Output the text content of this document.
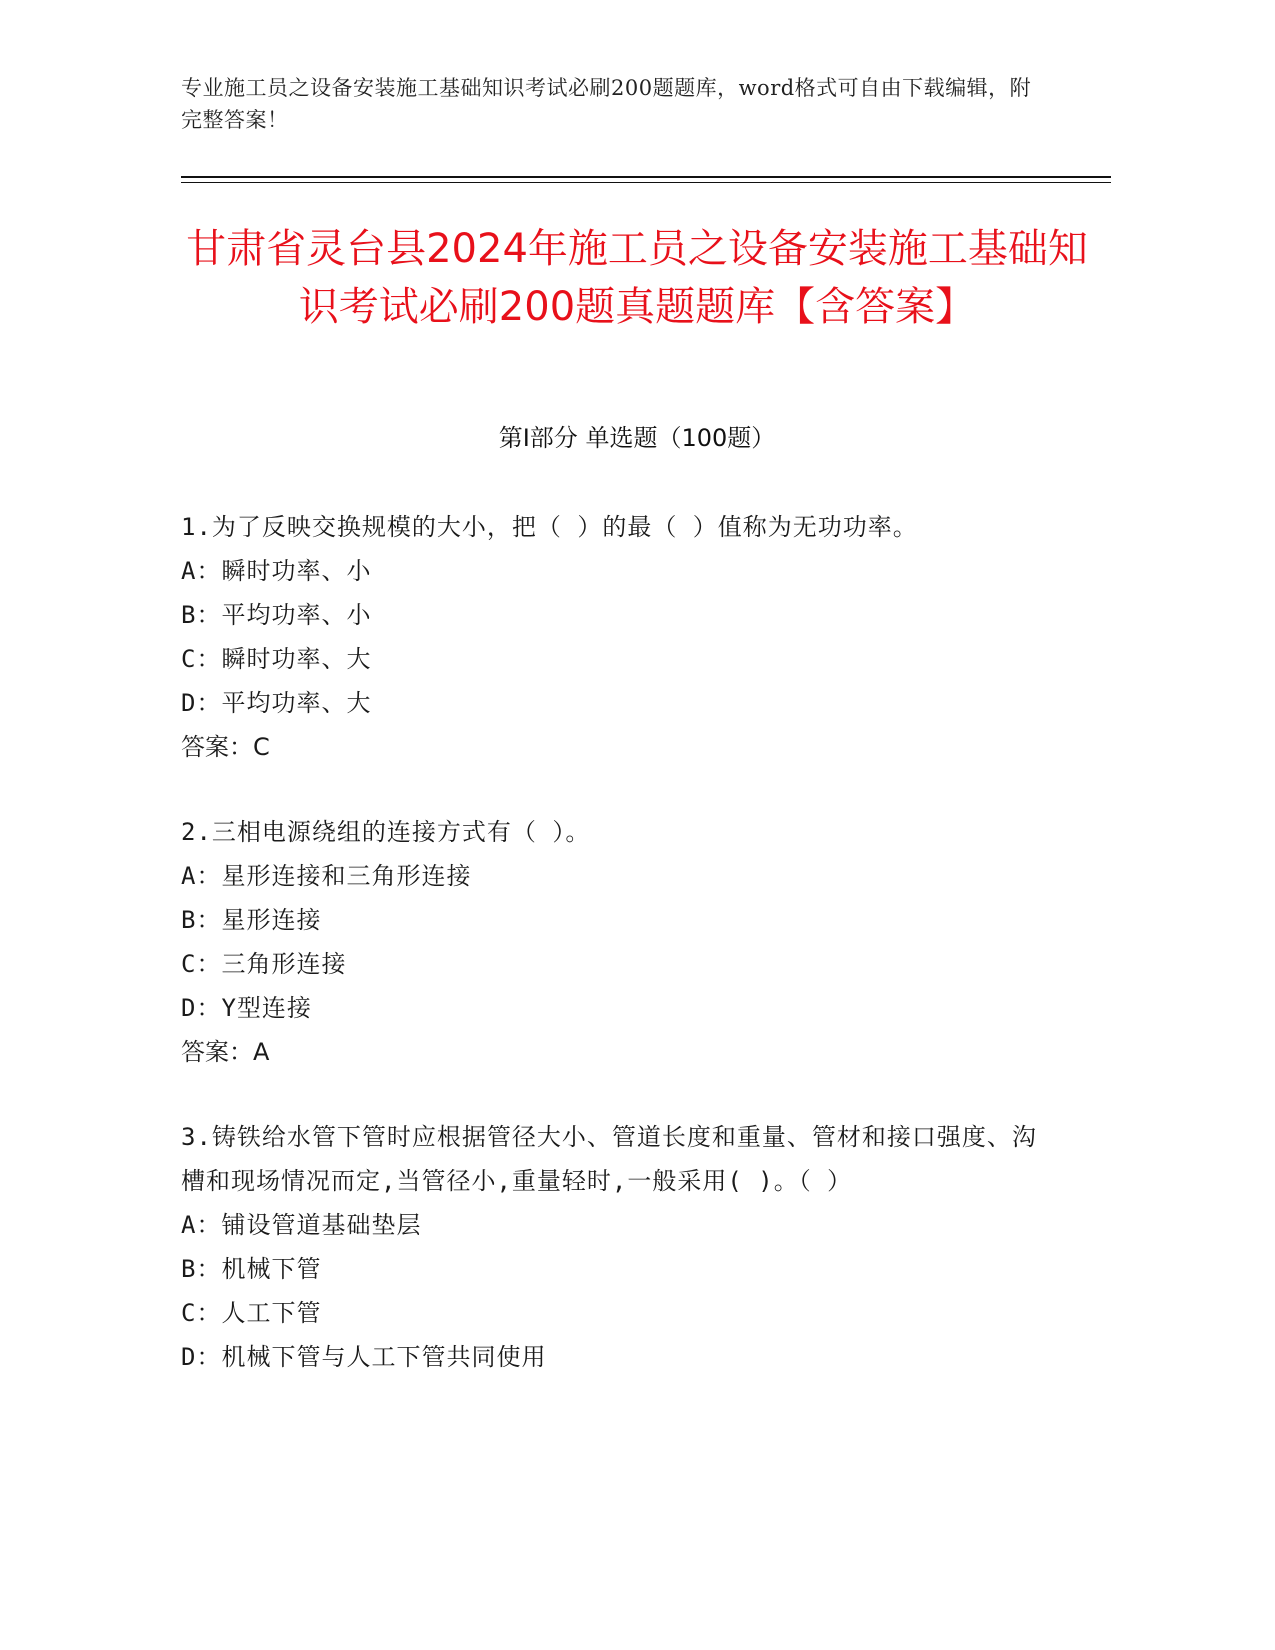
专业施工员之设备安装施工基础知识考试必刷200题题库，word格式可自由下载编辑，附完整答案！
甘肃省灵台县2024年施工员之设备安装施工基础知识考试必刷200题真题题库【含答案】
第Ⅰ部分 单选题（100题）
1.为了反映交换规模的大小，把（ ）的最（ ）值称为无功功率。
A：瞬时功率、小
B：平均功率、小
C：瞬时功率、大
D：平均功率、大
答案：C
2.三相电源绕组的连接方式有（ ）。
A：星形连接和三角形连接
B：星形连接
C：三角形连接
D：Y型连接
答案：A
3.铸铁给水管下管时应根据管径大小、管道长度和重量、管材和接口强度、沟槽和现场情况而定,当管径小,重量轻时,一般采用( )。（ ）
A：铺设管道基础垫层
B：机械下管
C：人工下管
D：机械下管与人工下管共同使用
